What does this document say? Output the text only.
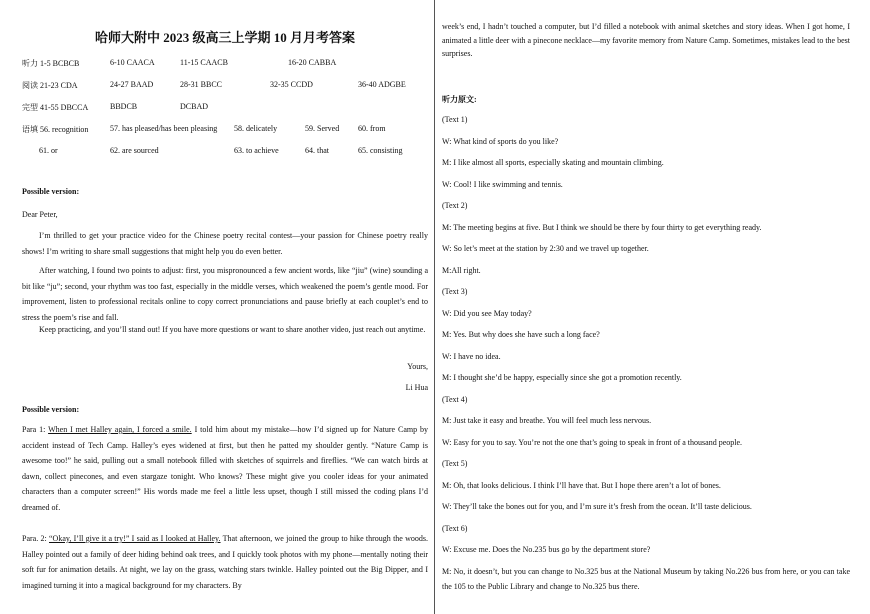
哈师大附中 2023 级高三上学期 10 月月考答案
听力 1-5 BCBCB	6-10 CAACA	11-15 CAACB	16-20 CABBA
阅读 21-23 CDA	24-27 BAAD	28-31 BBCC	32-35 CCDD	36-40 ADGBE
完型 41-55 DBCCA	BBDCB	DCBAD
语填 56. recognition	57. has pleased/has been pleasing 58. delicately	59. Served 60. from
61. or	62. are sourced	63. to achieve	64. that	65. consisting
Possible version:
Dear Peter,
I’m thrilled to get your practice video for the Chinese poetry recital contest—your passion for Chinese poetry really shows! I’m writing to share small suggestions that might help you do even better.
After watching, I found two points to adjust: first, you mispronounced a few ancient words, like “jiu” (wine) sounding a bit like “ju”; second, your rhythm was too fast, especially in the middle verses, which weakened the poem’s gentle mood. For improvement, listen to professional recitals online to copy correct pronunciations and pause briefly at each couplet’s end to stress the poem’s rise and fall.
Keep practicing, and you’ll stand out! If you have more questions or want to share another video, just reach out anytime.
Yours,
Li Hua
Possible version:
Para 1: When I met Halley again, I forced a smile. I told him about my mistake—how I’d signed up for Nature Camp by accident instead of Tech Camp. Halley’s eyes widened at first, but then he patted my shoulder gently. “Nature Camp is awesome too!” he said, pulling out a small notebook filled with sketches of squirrels and fireflies. “We can watch birds at dawn, collect pinecones, and even stargaze tonight. Who knows? These might give you cooler ideas for your animated characters than a computer screen!” His words made me feel a little less upset, though I still missed the coding plans I’d dreamed of.
Para. 2: “Okay, I’ll give it a try!” I said as I looked at Halley. That afternoon, we joined the group to hike through the woods. Halley pointed out a family of deer hiding behind oak trees, and I quickly took photos with my phone—mentally noting their soft fur for animation details. At night, we lay on the grass, watching stars twinkle. Halley pointed out the Big Dipper, and I imagined turning it into a magical background for my characters. By
week’s end, I hadn’t touched a computer, but I’d filled a notebook with animal sketches and story ideas. When I got home, I animated a little deer with a pinecone necklace—my favorite memory from Nature Camp. Sometimes, mistakes lead to the best surprises.
听力原文:
(Text 1)
W: What kind of sports do you like?
M: I like almost all sports, especially skating and mountain climbing.
W: Cool! I like swimming and tennis.
(Text 2)
M: The meeting begins at five. But I think we should be there by four thirty to get everything ready.
W: So let’s meet at the station by 2:30 and we travel up together.
M:All right.
(Text 3)
W: Did you see May today?
M: Yes. But why does she have such a long face?
W: I have no idea.
M: I thought she’d be happy, especially since she got a promotion recently.
(Text 4)
M: Just take it easy and breathe. You will feel much less nervous.
W: Easy for you to say. You’re not the one that’s going to speak in front of a thousand people.
(Text 5)
M: Oh, that looks delicious. I think I’ll have that. But I hope there aren’t a lot of bones.
W: They’ll take the bones out for you, and I’m sure it’s fresh from the ocean. It’ll taste delicious.
(Text 6)
W: Excuse me. Does the No.235 bus go by the department store?
M: No, it doesn’t, but you can change to No.325 bus at the National Museum by taking No.226 bus from here, or you can take the 105 to the Public Library and change to No.325 bus there.
